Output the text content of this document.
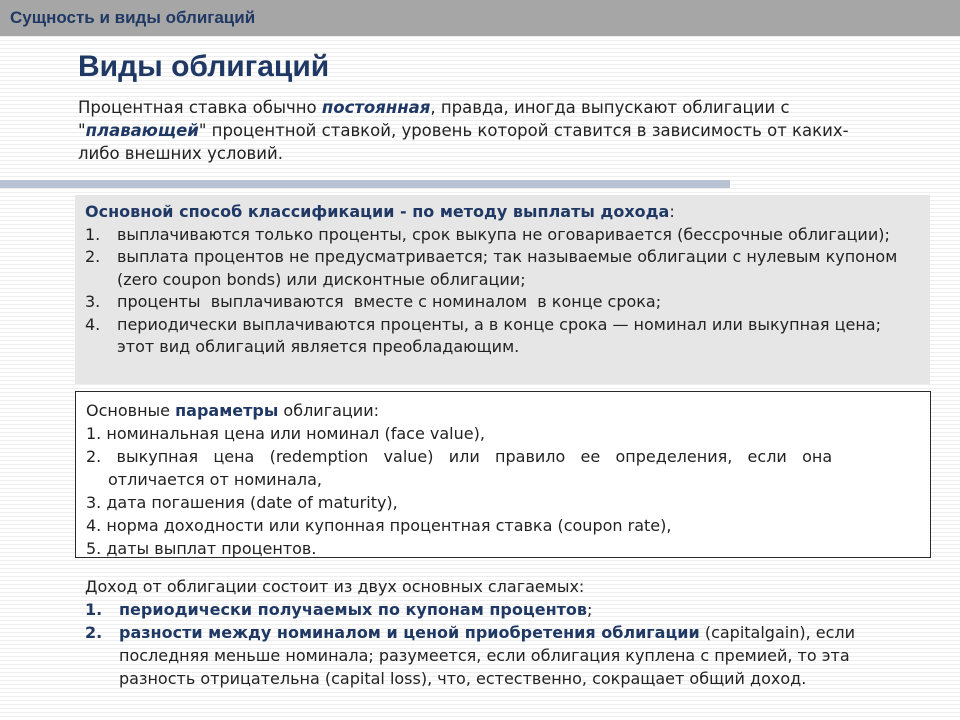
Сущность и виды облигаций
Виды облигаций
Процентная ставка обычно постоянная, правда, иногда выпускают облигации с "плавающей" процентной ставкой, уровень которой ставится в зависимость от каких-либо внешних условий.
Основной способ классификации - по методу выплаты дохода:
1.	выплачиваются только проценты, срок выкупа не оговаривается (бессрочные облигации);
2.	выплата процентов не предусматривается; так называемые облигации с нулевым купоном (zero coupon bonds) или дисконтные облигации;
3.	проценты  выплачиваются  вместе с номиналом  в конце срока;
4.	периодически выплачиваются проценты, а в конце срока — номинал или выкупная цена; этот вид облигаций является преобладающим.
Основные параметры облигации:
1. номинальная цена или номинал (face value),
2.   выкупная   цена   (redemption   value)   или   правило   ее   определения,   если   она
отличается от номинала,
3. дата погашения (date of maturity),
4. норма доходности или купонная процентная ставка (coupon rate),
5. даты выплат процентов.
Доход от облигации состоит из двух основных слагаемых:
1.	периодически получаемых по купонам процентов;
2.	разности между номиналом и ценой приобретения облигации (capitalgain), если последняя меньше номинала; разумеется, если облигация куплена с премией, то эта разность отрицательна (capital loss), что, естественно, сокращает общий доход.
